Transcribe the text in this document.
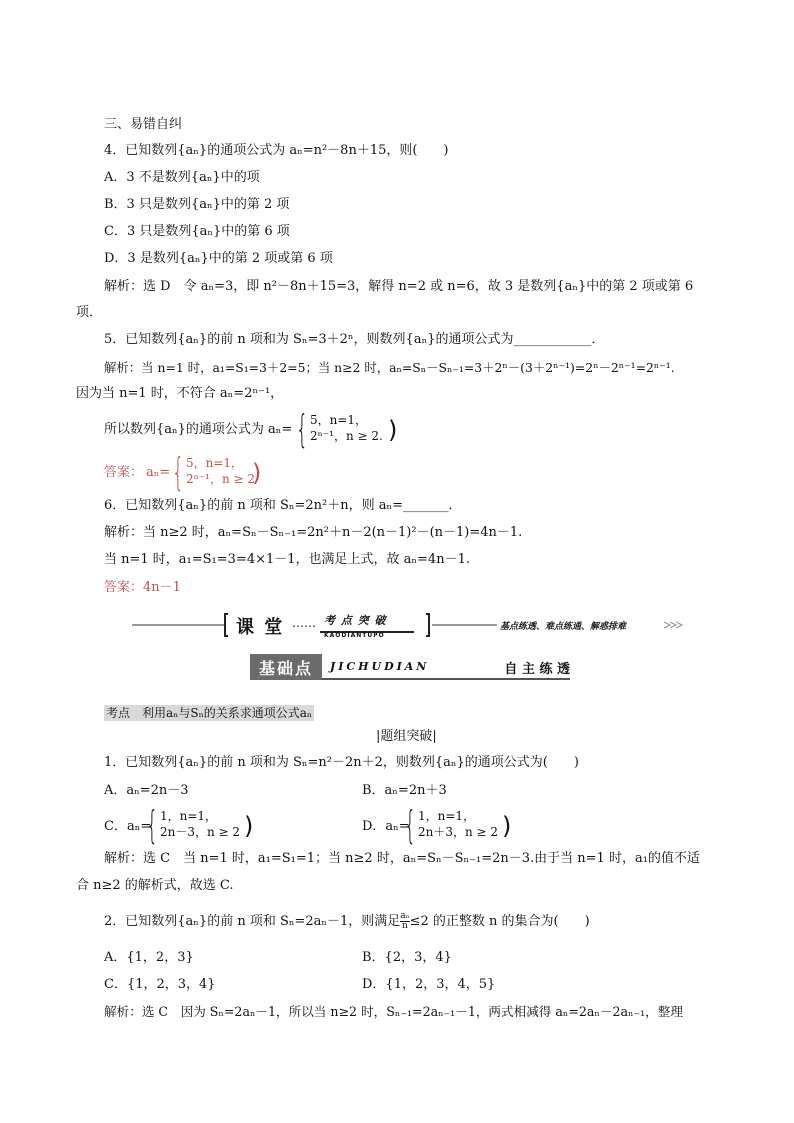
三、易错自纠
4．已知数列{aₙ}的通项公式为 aₙ=n²－8n＋15，则(　　)
A．3 不是数列{aₙ}中的项
B．3 只是数列{aₙ}中的第 2 项
C．3 只是数列{aₙ}中的第 6 项
D．3 是数列{aₙ}中的第 2 项或第 6 项
解析：选 D　令 aₙ=3，即 n²－8n＋15=3，解得 n=2 或 n=6，故 3 是数列{aₙ}中的第 2 项或第 6
项．
5．已知数列{aₙ}的前 n 项和为 Sₙ=3＋2ⁿ，则数列{aₙ}的通项公式为____________．
解析：当 n=1 时，a₁=S₁=3＋2=5；当 n≥2 时，aₙ=Sₙ－Sₙ₋₁=3＋2ⁿ－(3＋2ⁿ⁻¹)=2ⁿ－2ⁿ⁻¹=2ⁿ⁻¹.
因为当 n=1 时，不符合 aₙ=2ⁿ⁻¹，
所以数列{aₙ}的通项公式为 aₙ= { 5，n=1，
2ⁿ⁻¹，n ≥ 2. )
答案： aₙ= { 5，n=1，
2ⁿ⁻¹，n ≥ 2
)
6．已知数列{aₙ}的前 n 项和 Sₙ=2n²＋n，则 aₙ=_______．
解析：当 n≥2 时，aₙ=Sₙ－Sₙ₋₁=2n²＋n－2(n－1)²－(n－1)=4n－1.
当 n=1 时，a₁=S₁=3=4×1－1，也满足上式，故 aₙ=4n－1.
答案：4n－1
课 堂 …… 考 点 突 破
KAODIANTUPO
基点练透、难点练通、解惑排难
基础点	JICHUDIAN	自 主 练 透
考点　利用aₙ与Sₙ的关系求通项公式aₙ
|题组突破|
1．已知数列{aₙ}的前 n 项和为 Sₙ=n²－2n＋2，则数列{aₙ}的通项公式为(　　)
A．aₙ=2n－3	B．aₙ=2n＋3
C．aₙ=
{ 1，n=1，
2n－3，n ≥ 2 )	D．aₙ=
{ 1，n=1，
2n＋3，n ≥ 2 )
解析：选 C　当 n=1 时，a₁=S₁=1；当 n≥2 时，aₙ=Sₙ－Sₙ₋₁=2n－3.由于当 n=1 时，a₁的值不适
合 n≥2 的解析式，故选 C.
2．已知数列{aₙ}的前 n 项和 Sₙ=2aₙ－1，则满足 $\frac{\text{aₙ}}{n} \le 2$ 的正整数 n 的集合为(　　)
A．{1，2，3}	B．{2，3，4}
C．{1，2，3，4}	D．{1，2，3，4，5}
解析：选 C　因为 Sₙ=2aₙ－1，所以当 n≥2 时，Sₙ₋₁=2aₙ₋₁－1，两式相减得 aₙ=2aₙ－2aₙ₋₁，整理
